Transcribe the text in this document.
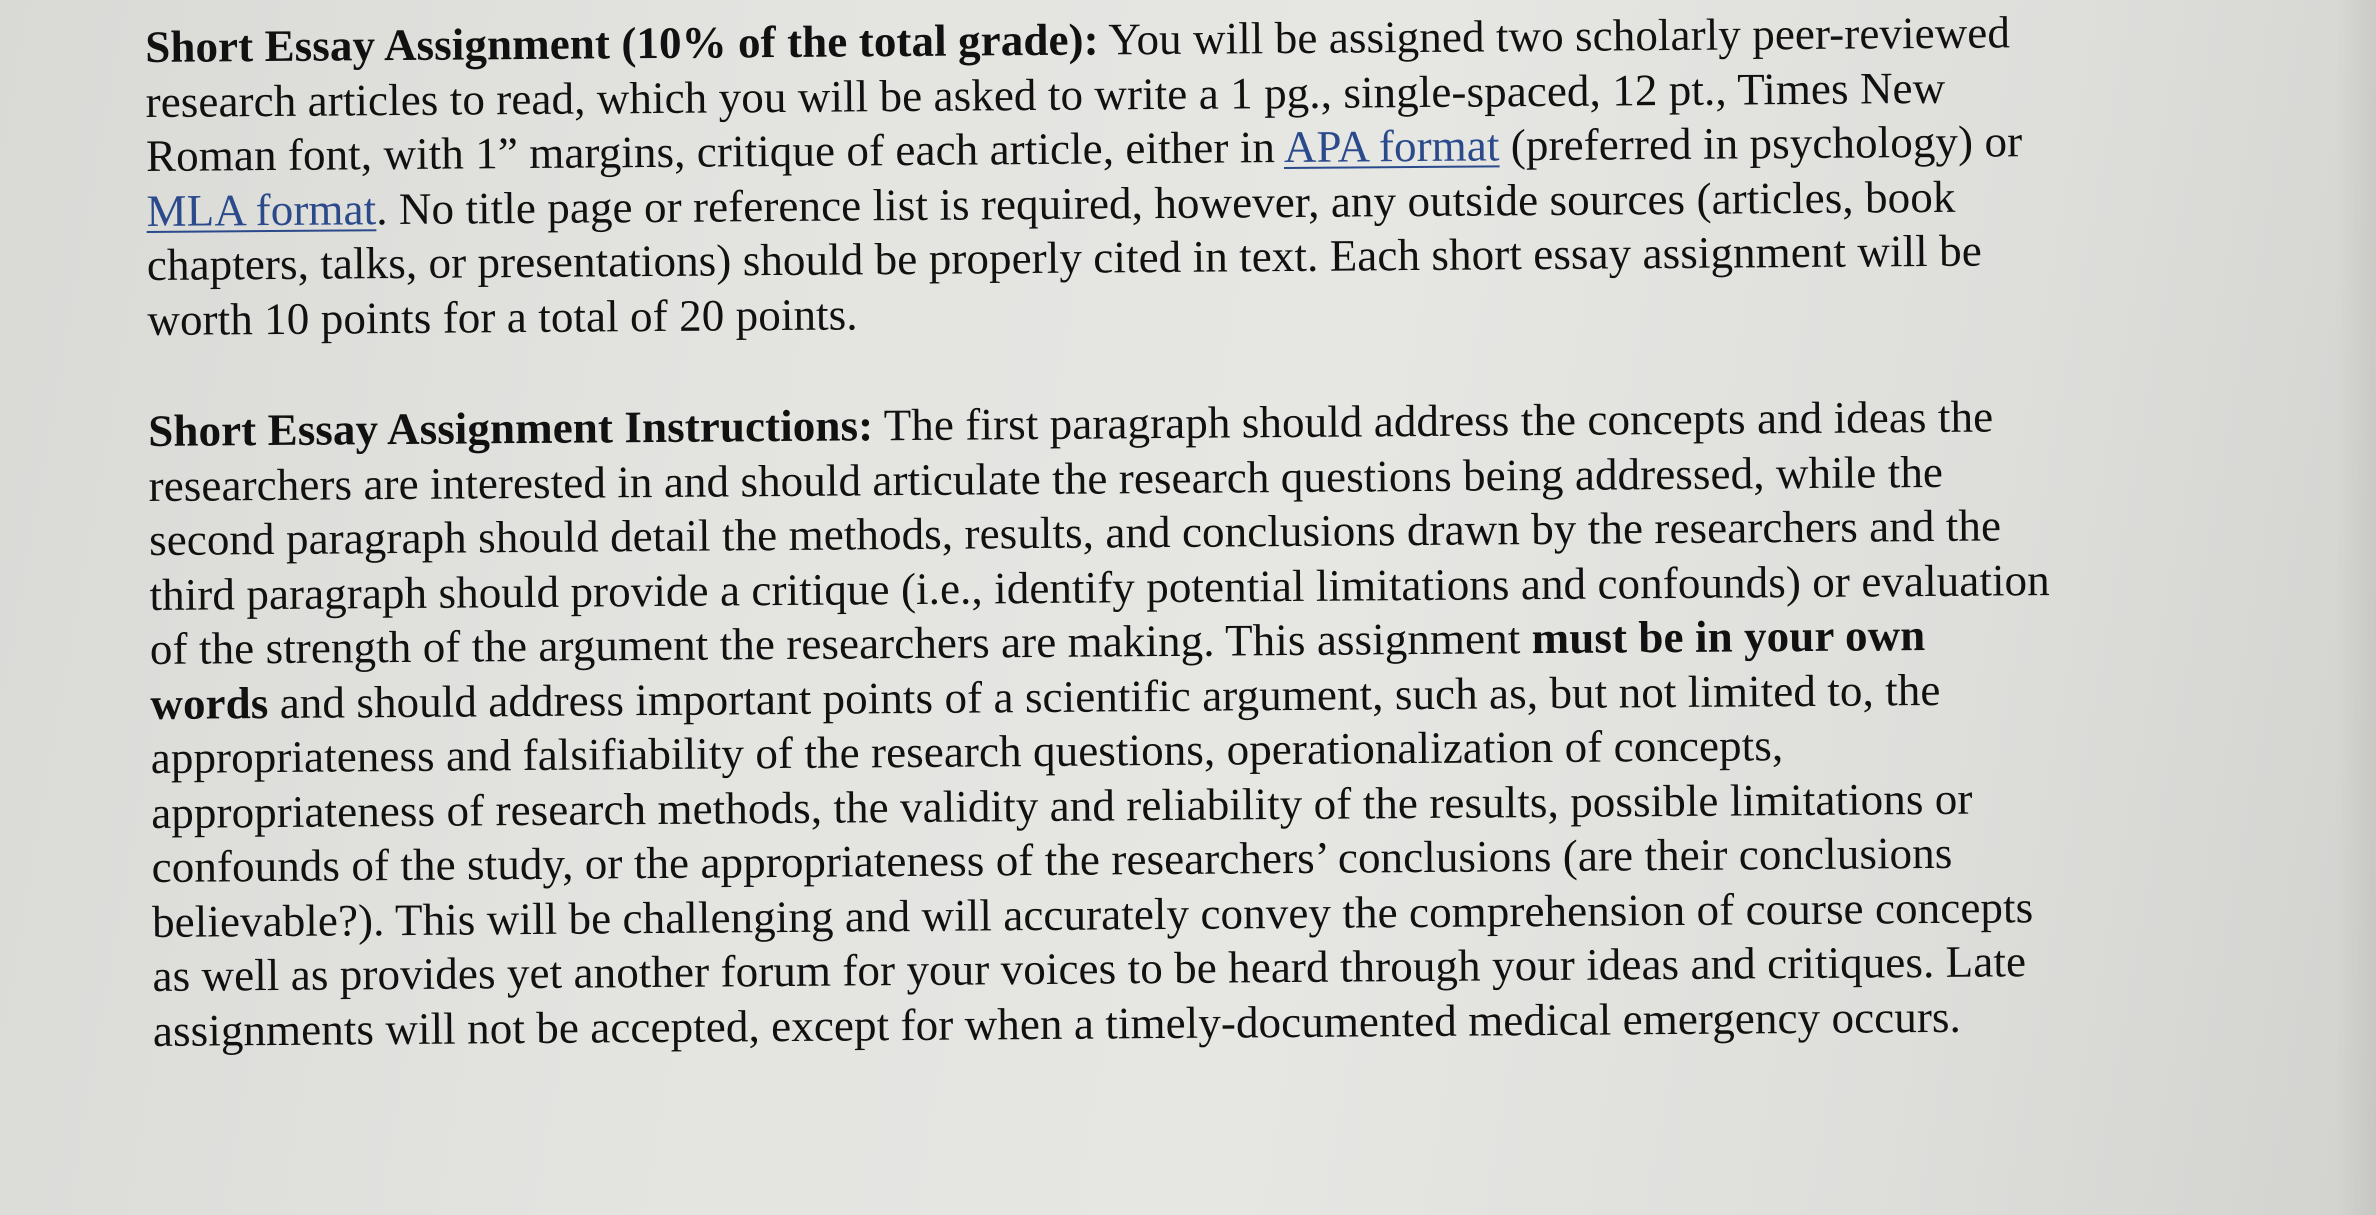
Short Essay Assignment (10% of the total grade): You will be assigned two scholarly peer-reviewed
research articles to read, which you will be asked to write a 1 pg., single-spaced, 12 pt., Times New
Roman font, with 1” margins, critique of each article, either in APA format (preferred in psychology) or
MLA format. No title page or reference list is required, however, any outside sources (articles, book
chapters, talks, or presentations) should be properly cited in text. Each short essay assignment will be
worth 10 points for a total of 20 points.

Short Essay Assignment Instructions: The first paragraph should address the concepts and ideas the
researchers are interested in and should articulate the research questions being addressed, while the
second paragraph should detail the methods, results, and conclusions drawn by the researchers and the
third paragraph should provide a critique (i.e., identify potential limitations and confounds) or evaluation
of the strength of the argument the researchers are making. This assignment must be in your own
words and should address important points of a scientific argument, such as, but not limited to, the
appropriateness and falsifiability of the research questions, operationalization of concepts,
appropriateness of research methods, the validity and reliability of the results, possible limitations or
confounds of the study, or the appropriateness of the researchers’ conclusions (are their conclusions
believable?). This will be challenging and will accurately convey the comprehension of course concepts
as well as provides yet another forum for your voices to be heard through your ideas and critiques. Late
assignments will not be accepted, except for when a timely-documented medical emergency occurs.
